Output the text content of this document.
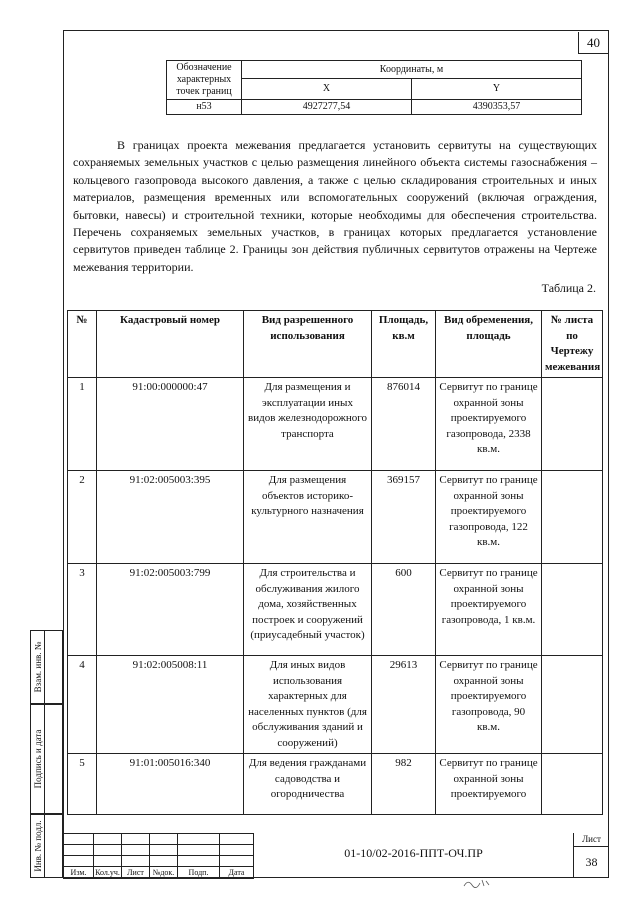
40
Обозначение характерных точек границ	Координаты, м	
	X	Y
н53	4927277,54	4390353,57

В границах проекта межевания предлагается установить сервитуты на существующих сохраняемых земельных участков с целью размещения линейного объекта системы газоснабжения – кольцевого газопровода высокого давления, а также с целью складирования строительных и иных материалов, размещения временных или вспомогательных сооружений (включая ограждения, бытовки, навесы) и строительной техники, которые необходимы для обеспечения строительства. Перечень сохраняемых земельных участков, в границах которых предлагается установление сервитутов приведен таблице 2. Границы зон действия публичных сервитутов отражены на Чертеже межевания территории.

Таблица 2.
№	Кадастровый номер	Вид разрешенного использования	Площадь, кв.м	Вид обременения, площадь	№ листа по Чертежу межевания
1	91:00:000000:47	Для размещения и эксплуатации иных видов железнодорожного транспорта	876014	Сервитут по границе охранной зоны проектируемого газопровода, 2338 кв.м.	
2	91:02:005003:395	Для размещения объектов историко-культурного назначения	369157	Сервитут по границе охранной зоны проектируемого газопровода, 122 кв.м.	
3	91:02:005003:799	Для строительства и обслуживания жилого дома, хозяйственных построек и сооружений (приусадебный участок)	600	Сервитут по границе охранной зоны проектируемого газопровода, 1 кв.м.	
4	91:02:005008:11	Для иных видов использования характерных для населенных пунктов (для обслуживания зданий и сооружений)	29613	Сервитут по границе охранной зоны проектируемого газопровода, 90 кв.м.	
5	91:01:005016:340	Для ведения гражданами садоводства и огородничества	982	Сервитут по границе охранной зоны проектируемого	
Взам. инв. №
Подпись и дата
Инв. № подл.

Изм.	Кол.уч.	Лист	№док.	Подп.	Дата
01-10/02-2016-ППТ-ОЧ.ПР
Лист
38
